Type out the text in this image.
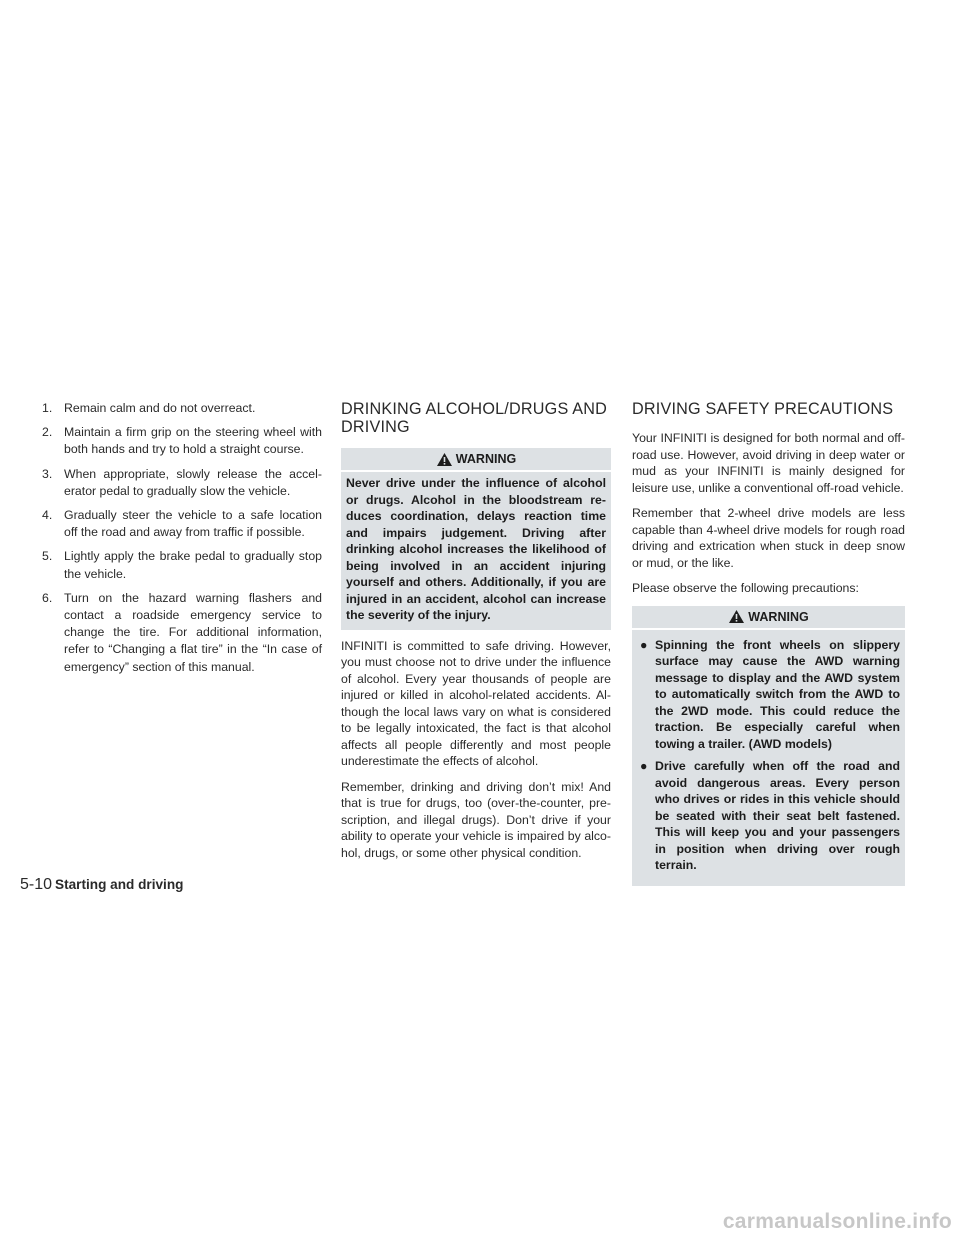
1. Remain calm and do not overreact.
2. Maintain a firm grip on the steering wheel with both hands and try to hold a straight course.
3. When appropriate, slowly release the accelerator pedal to gradually slow the vehicle.
4. Gradually steer the vehicle to a safe location off the road and away from traffic if possible.
5. Lightly apply the brake pedal to gradually stop the vehicle.
6. Turn on the hazard warning flashers and contact a roadside emergency service to change the tire. For additional information, refer to “Changing a flat tire” in the “In case of emergency” section of this manual.
DRINKING ALCOHOL/DRUGS AND DRIVING
WARNING
Never drive under the influence of alcohol or drugs. Alcohol in the bloodstream reduces coordination, delays reaction time and impairs judgement. Driving after drinking alcohol increases the likelihood of being involved in an accident injuring yourself and others. Additionally, if you are injured in an accident, alcohol can increase the severity of the injury.

INFINITI is committed to safe driving. However, you must choose not to drive under the influence of alcohol. Every year thousands of people are injured or killed in alcohol-related accidents. Although the local laws vary on what is considered to be legally intoxicated, the fact is that alcohol affects all people differently and most people underestimate the effects of alcohol.

Remember, drinking and driving don’t mix! And that is true for drugs, too (over-the-counter, prescription, and illegal drugs). Don’t drive if your ability to operate your vehicle is impaired by alcohol, drugs, or some other physical condition.

DRIVING SAFETY PRECAUTIONS

Your INFINITI is designed for both normal and off-road use. However, avoid driving in deep water or mud as your INFINITI is mainly designed for leisure use, unlike a conventional off-road vehicle.

Remember that 2-wheel drive models are less capable than 4-wheel drive models for rough road driving and extrication when stuck in deep snow or mud, or the like.

Please observe the following precautions:

WARNING
● Spinning the front wheels on slippery surface may cause the AWD warning message to display and the AWD system to automatically switch from the AWD to the 2WD mode. This could reduce the traction. Be especially careful when towing a trailer. (AWD models)
● Drive carefully when off the road and avoid dangerous areas. Every person who drives or rides in this vehicle should be seated with their seat belt fastened. This will keep you and your passengers in position when driving over rough terrain.
5-10 Starting and driving
carmanualsonline.info
